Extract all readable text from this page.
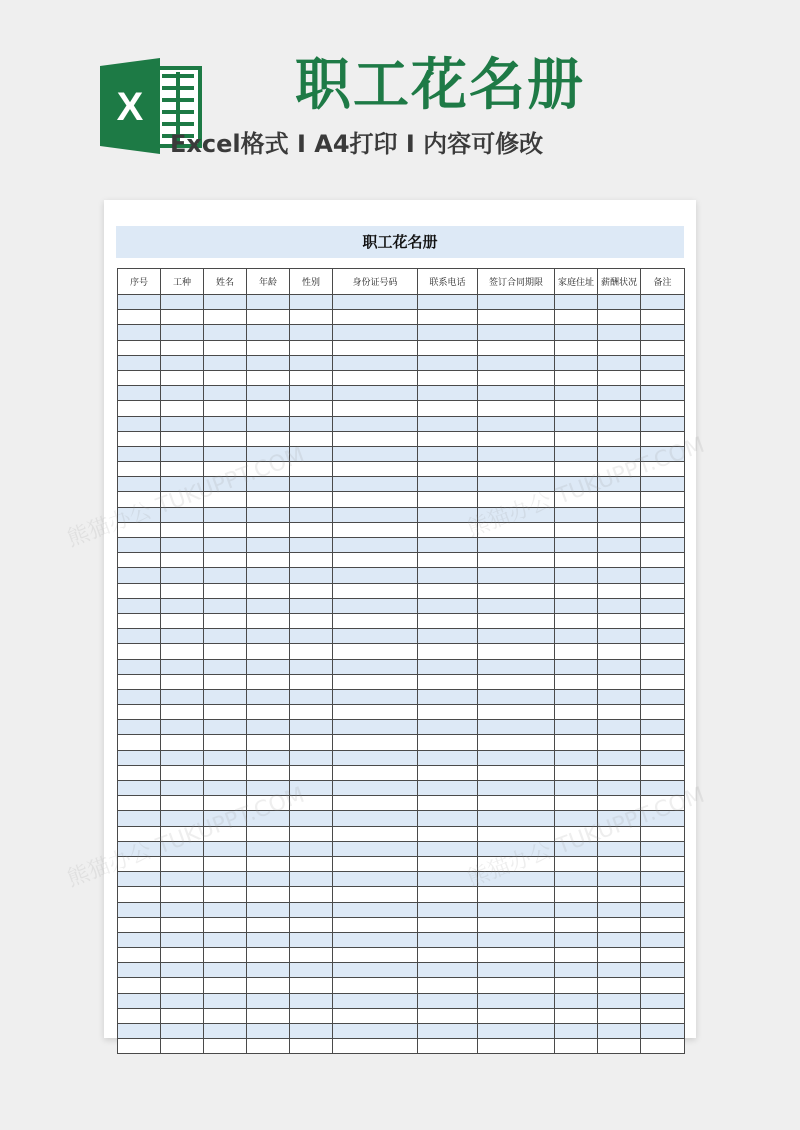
X	职工花名册

Excel格式 I A4打印 I 内容可修改

职工花名册
序号	工种	姓名	年龄	性别	身份证号码	联系电话	签订合同期限	家庭住址	薪酬状况	备注
